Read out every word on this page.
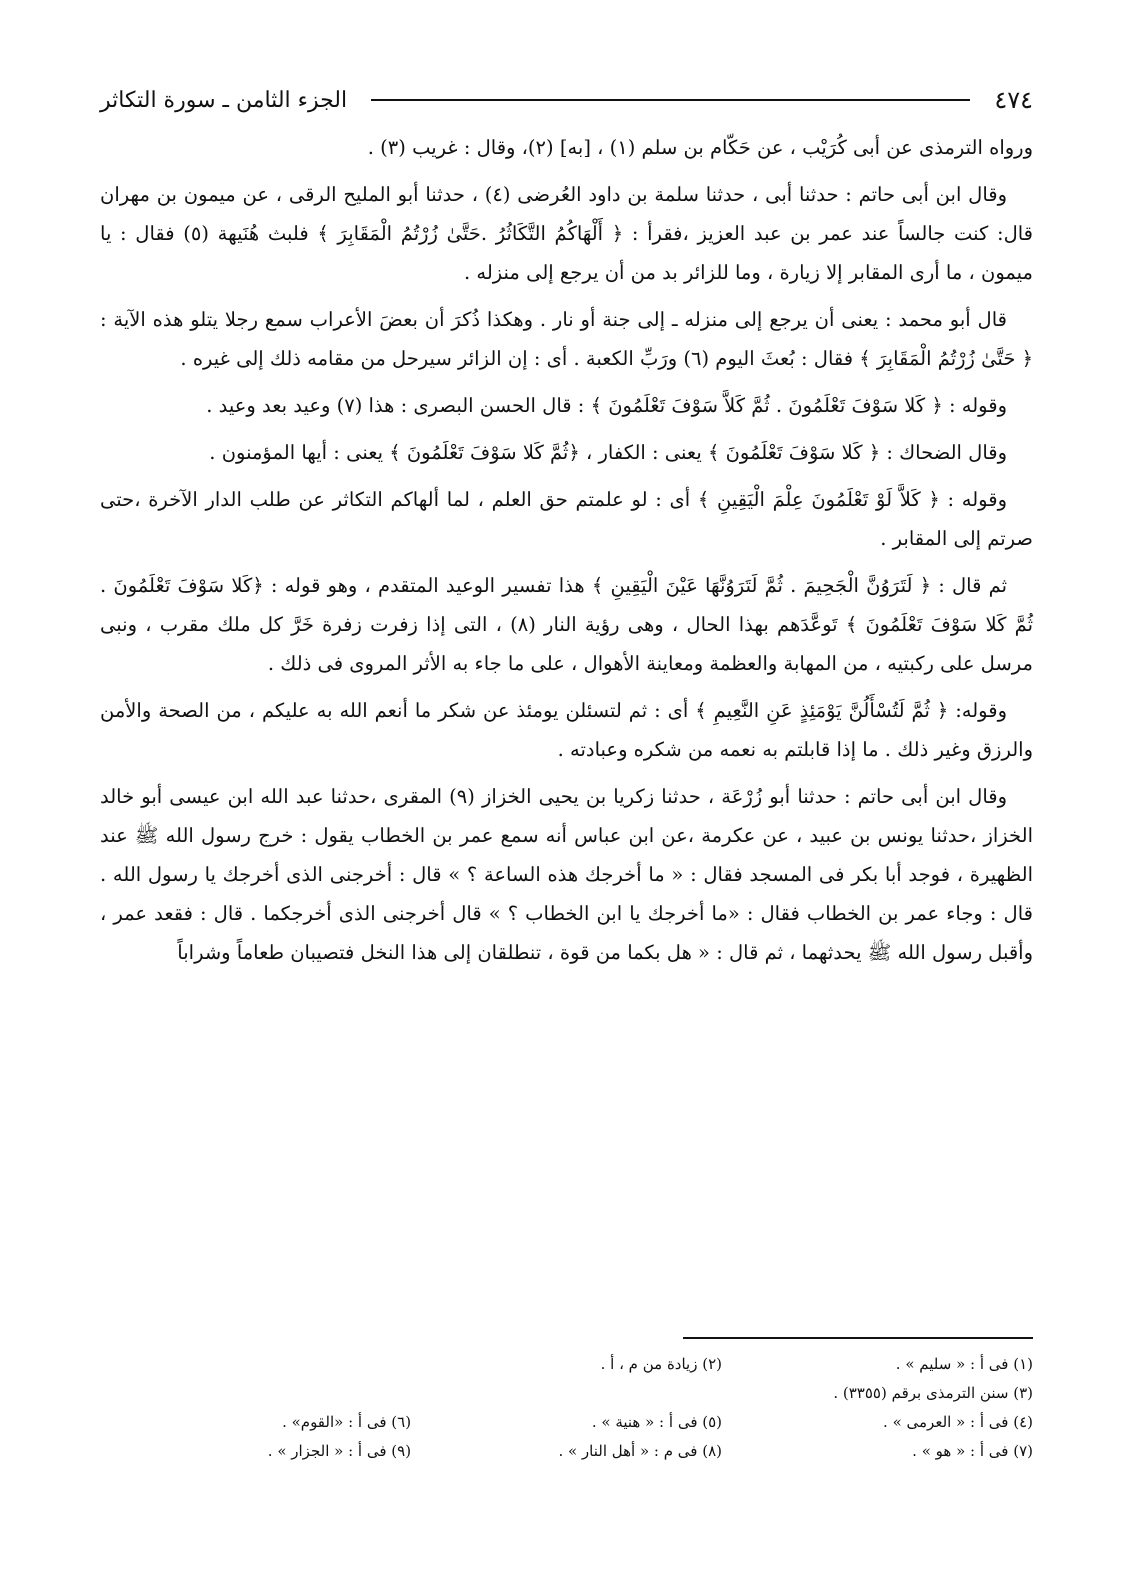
٤٧٤
الجزء الثامن ـ سورة التكاثر

ورواه الترمذى عن أبى كُرَيْب ، عن حَكّام بن سلم (١) ، [به] (٢)، وقال : غريب (٣) .

وقال ابن أبى حاتم : حدثنا أبى ، حدثنا سلمة بن داود العُرضى (٤) ، حدثنا أبو المليح الرقى ، عن ميمون بن مهران قال: كنت جالساً عند عمر بن عبد العزيز ،فقرأ : ﴿ أَلْهَاكُمُ التَّكَاثُرُ .حَتَّىٰ زُرْتُمُ الْمَقَابِرَ ﴾ فلبث هُنَيهة (٥) فقال : يا ميمون ، ما أرى المقابر إلا زيارة ، وما للزائر بد من أن يرجع إلى منزله .

قال أبو محمد : يعنى أن يرجع إلى منزله ـ إلى جنة أو نار . وهكذا ذُكرَ أن بعضَ الأعراب سمع رجلا يتلو هذه الآية : ﴿ حَتَّىٰ زُرْتُمُ الْمَقَابِرَ ﴾ فقال : بُعثَ اليوم (٦) ورَبِّ الكعبة . أى : إن الزائر سيرحل من مقامه ذلك إلى غيره .

وقوله : ﴿ كَلا سَوْفَ تَعْلَمُونَ . ثُمَّ كَلاَّ سَوْفَ تَعْلَمُونَ ﴾ : قال الحسن البصرى : هذا (٧) وعيد بعد وعيد .

وقال الضحاك : ﴿ كَلا سَوْفَ تَعْلَمُونَ ﴾ يعنى : الكفار ، ﴿ثُمَّ كَلا سَوْفَ تَعْلَمُونَ ﴾ يعنى : أيها المؤمنون .

وقوله : ﴿ كَلاَّ لَوْ تَعْلَمُونَ عِلْمَ الْيَقِينِ ﴾ أى : لو علمتم حق العلم ، لما ألهاكم التكاثر عن طلب الدار الآخرة ،حتى صرتم إلى المقابر .

ثم قال : ﴿ لَتَرَوُنَّ الْجَحِيمَ . ثُمَّ لَتَرَوُنَّهَا عَيْنَ الْيَقِينِ ﴾ هذا تفسير الوعيد المتقدم ، وهو قوله : ﴿كَلا سَوْفَ تَعْلَمُونَ . ثُمَّ كَلا سَوْفَ تَعْلَمُونَ ﴾ تَوعَّدَهم بهذا الحال ، وهى رؤية النار (٨) ، التى إذا زفرت زفرة خَرَّ كل ملك مقرب ، ونبى مرسل على ركبتيه ، من المهابة والعظمة ومعاينة الأهوال ، على ما جاء به الأثر المروى فى ذلك .

وقوله: ﴿ ثُمَّ لَتُسْأَلُنَّ يَوْمَئِذٍ عَنِ النَّعِيمِ ﴾ أى : ثم لتسئلن يومئذ عن شكر ما أنعم الله به عليكم ، من الصحة والأمن والرزق وغير ذلك . ما إذا قابلتم به نعمه من شكره وعبادته .

وقال ابن أبى حاتم : حدثنا أبو زُرْعَة ، حدثنا زكريا بن يحيى الخزاز (٩) المقرى ،حدثنا عبد الله ابن عيسى أبو خالد الخزاز ،حدثنا يونس بن عبيد ، عن عكرمة ،عن ابن عباس أنه سمع عمر بن الخطاب يقول : خرج رسول الله ﷺ عند الظهيرة ، فوجد أبا بكر فى المسجد فقال : « ما أخرجك هذه الساعة ؟ » قال : أخرجنى الذى أخرجك يا رسول الله . قال : وجاء عمر بن الخطاب فقال : «ما أخرجك يا ابن الخطاب ؟ » قال أخرجنى الذى أخرجكما . قال : فقعد عمر ، وأقبل رسول الله ﷺ يحدثهما ، ثم قال : « هل بكما من قوة ، تنطلقان إلى هذا النخل فتصيبان طعاماً وشراباً

(١) فى أ : « سليم » .
(٢) زيادة من م ، أ .
(٣) سنن الترمذى برقم (٣٣٥٥) .
(٤) فى أ : « العرمى » .
(٥) فى أ : « هنية » .
(٦) فى أ : «القوم» .
(٧) فى أ : « هو » .
(٨) فى م : « أهل النار » .
(٩) فى أ : « الجزار » .
